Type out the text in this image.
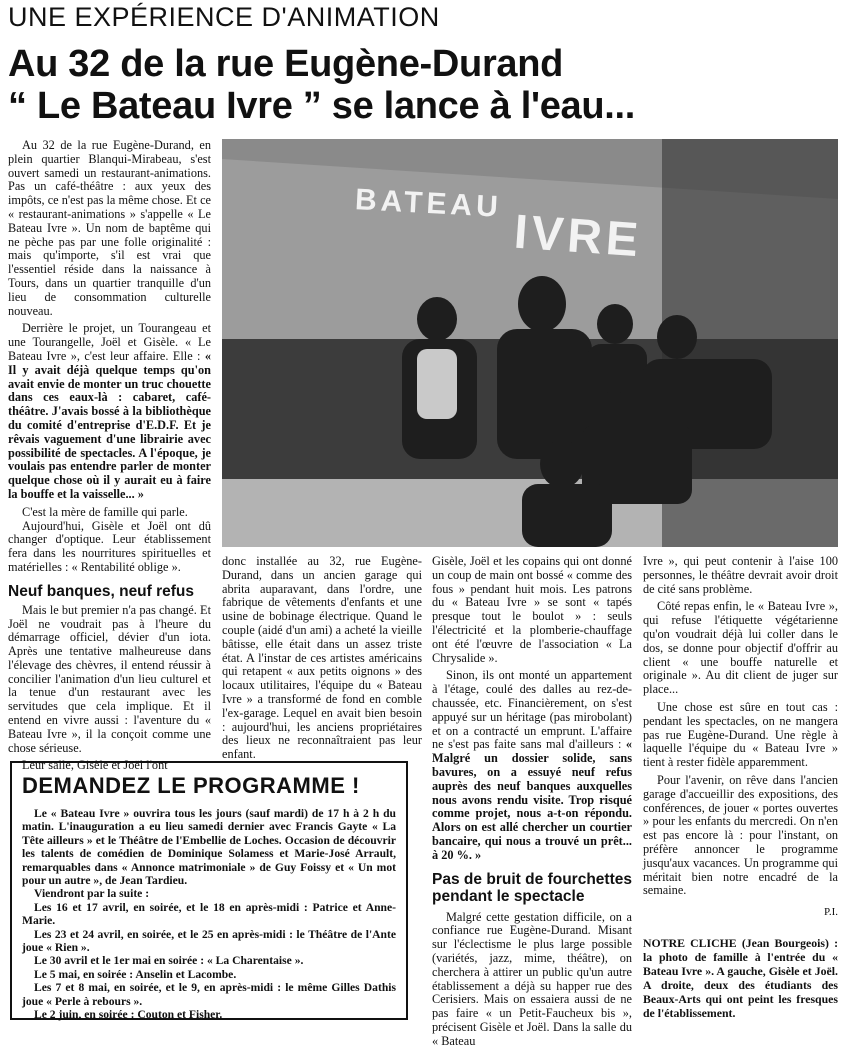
UNE EXPÉRIENCE D'ANIMATION
Au 32 de la rue Eugène-Durand
“ Le Bateau Ivre ” se lance à l'eau...

Au 32 de la rue Eugène-Durand, en plein quartier Blanqui-Mirabeau, s'est ouvert samedi un restaurant-animations. Pas un café-théâtre : aux yeux des impôts, ce n'est pas la même chose. Et ce « restaurant-animations » s'appelle « Le Bateau Ivre ». Un nom de baptême qui ne pèche pas par une folle originalité : mais qu'importe, s'il est vrai que l'essentiel réside dans la naissance à Tours, dans un quartier tranquille d'un lieu de consommation culturelle nouveau.

Derrière le projet, un Tourangeau et une Tourangelle, Joël et Gisèle. « Le Bateau Ivre », c'est leur affaire. Elle : « Il y avait déjà quelque temps qu'on avait envie de monter un truc chouette dans ces eaux-là : cabaret, café-théâtre. J'avais bossé à la bibliothèque du comité d'entreprise d'E.D.F. Et je rêvais vaguement d'une librairie avec possibilité de spectacles. A l'époque, je voulais pas entendre parler de monter quelque chose où il y aurait eu à faire la bouffe et la vaisselle... »

C'est la mère de famille qui parle.

Aujourd'hui, Gisèle et Joël ont dû changer d'optique. Leur établissement fera dans les nourritures spirituelles et matérielles : « Rentabilité oblige ».

Neuf banques, neuf refus

Mais le but premier n'a pas changé. Et Joël ne voudrait pas à l'heure du démarrage officiel, dévier d'un iota. Après une tentative malheureuse dans l'élevage des chèvres, il entend réussir à concilier l'animation d'un lieu culturel et la tenue d'un restaurant avec les servitudes que cela implique. Et il entend en vivre aussi : l'aventure du « Bateau Ivre », il la conçoit comme une chose sérieuse.

Leur salle, Gisèle et Joël l'ont

BATEAU
IVRE

donc installée au 32, rue Eugène-Durand, dans un ancien garage qui abrita auparavant, dans l'ordre, une fabrique de vêtements d'enfants et une usine de bobinage électrique. Quand le couple (aidé d'un ami) a acheté la vieille bâtisse, elle était dans un assez triste état. A l'instar de ces artistes américains qui retapent « aux petits oignons » des locaux utilitaires, l'équipe du « Bateau Ivre » a transformé de fond en comble l'ex-garage. Lequel en avait bien besoin : aujourd'hui, les anciens propriétaires des lieux ne reconnaîtraient pas leur enfant.

Gisèle, Joël et les copains qui ont donné un coup de main ont bossé « comme des fous » pendant huit mois. Les patrons du « Bateau Ivre » se sont « tapés presque tout le boulot » : seuls l'électricité et la plomberie-chauffage ont été l'œuvre de l'association « La Chrysalide ».

Sinon, ils ont monté un appartement à l'étage, coulé des dalles au rez-de-chaussée, etc. Financièrement, on s'est appuyé sur un héritage (pas mirobolant) et on a contracté un emprunt. L'affaire ne s'est pas faite sans mal d'ailleurs : « Malgré un dossier solide, sans bavures, on a essuyé neuf refus auprès des neuf banques auxquelles nous avons rendu visite. Trop risqué comme projet, nous a-t-on répondu. Alors on est allé chercher un courtier bancaire, qui nous a trouvé un prêt... à 20 %. »

Pas de bruit de fourchettes pendant le spectacle

Malgré cette gestation difficile, on a confiance rue Eugène-Durand. Misant sur l'éclectisme le plus large possible (variétés, jazz, mime, théâtre), on cherchera à attirer un public qu'un autre établissement a déjà su happer rue des Cerisiers. Mais on essaiera aussi de ne pas faire « un Petit-Faucheux bis », précisent Gisèle et Joël. Dans la salle du « Bateau

Ivre », qui peut contenir à l'aise 100 personnes, le théâtre devrait avoir droit de cité sans problème.

Côté repas enfin, le « Bateau Ivre », qui refuse l'étiquette végétarienne qu'on voudrait déjà lui coller dans le dos, se donne pour objectif d'offrir au client « une bouffe naturelle et originale ». Au dit client de juger sur place...

Une chose est sûre en tout cas : pendant les spectacles, on ne mangera pas rue Eugène-Durand. Une règle à laquelle l'équipe du « Bateau Ivre » tient à rester fidèle apparemment.

Pour l'avenir, on rêve dans l'ancien garage d'accueillir des expositions, des conférences, de jouer « portes ouvertes » pour les enfants du mercredi. On n'en est pas encore là : pour l'instant, on préfère annoncer le programme jusqu'aux vacances. Un programme qui méritait bien notre encadré de la semaine.

P.I.

NOTRE CLICHE (Jean Bourgeois) : la photo de famille à l'entrée du « Bateau Ivre ». A gauche, Gisèle et Joël. A droite, deux des étudiants des Beaux-Arts qui ont peint les fresques de l'établissement.

DEMANDEZ LE PROGRAMME !

Le « Bateau Ivre » ouvrira tous les jours (sauf mardi) de 17 h à 2 h du matin. L'inauguration a eu lieu samedi dernier avec Francis Gayte « La Tête ailleurs » et le Théâtre de l'Embellie de Loches. Occasion de découvrir les talents de comédien de Dominique Solamess et Marie-José Arrault, remarquables dans « Annonce matrimoniale » de Guy Foissy et « Un mot pour un autre », de Jean Tardieu.

Viendront par la suite :

Les 16 et 17 avril, en soirée, et le 18 en après-midi : Patrice et Anne-Marie.

Les 23 et 24 avril, en soirée, et le 25 en après-midi : le Théâtre de l'Ante joue « Rien ».

Le 30 avril et le 1er mai en soirée : « La Charentaise ».

Le 5 mai, en soirée : Anselin et Lacombe.

Les 7 et 8 mai, en soirée, et le 9, en après-midi : le même Gilles Dathis joue « Perle à rebours ».

Le 2 juin, en soirée : Couton et Fisher.
